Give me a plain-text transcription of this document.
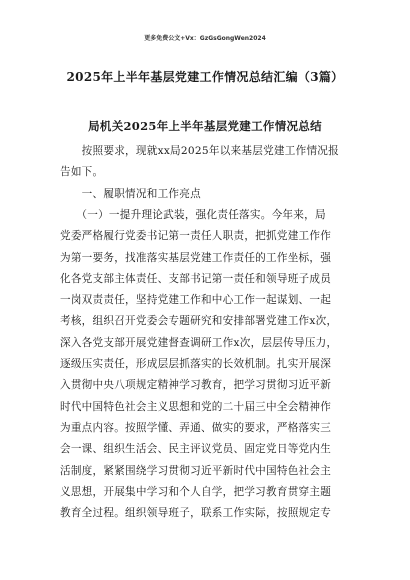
更多免费公文+Vx：GzGsGongWen2024
2025年上半年基层党建工作情况总结汇编（3篇）
局机关2025年上半年基层党建工作情况总结
　　按照要求，现就xx局2025年以来基层党建工作情况报
告如下。
　　一、履职情况和工作亮点
　　（一）一提升理论武装，强化责任落实。今年来，局
党委严格履行党委书记第一责任人职责，把抓党建工作作
为第一要务，找准落实基层党建工作责任的工作坐标，强
化各党支部主体责任、支部书记第一责任和领导班子成员
一岗双责责任，坚持党建工作和中心工作一起谋划、一起
考核，组织召开党委会专题研究和安排部署党建工作x次，
深入各党支部开展党建督查调研工作x次，层层传导压力，
逐级压实责任，形成层层抓落实的长效机制。扎实开展深
入贯彻中央八项规定精神学习教育，把学习贯彻习近平新
时代中国特色社会主义思想和党的二十届三中全会精神作
为重点内容。按照学懂、弄通、做实的要求，严格落实三
会一课、组织生活会、民主评议党员、固定党日等党内生
活制度，紧紧围绕学习贯彻习近平新时代中国特色社会主
义思想，开展集中学习和个人自学，把学习教育贯穿主题
教育全过程。组织领导班子，联系工作实际，按照规定专
